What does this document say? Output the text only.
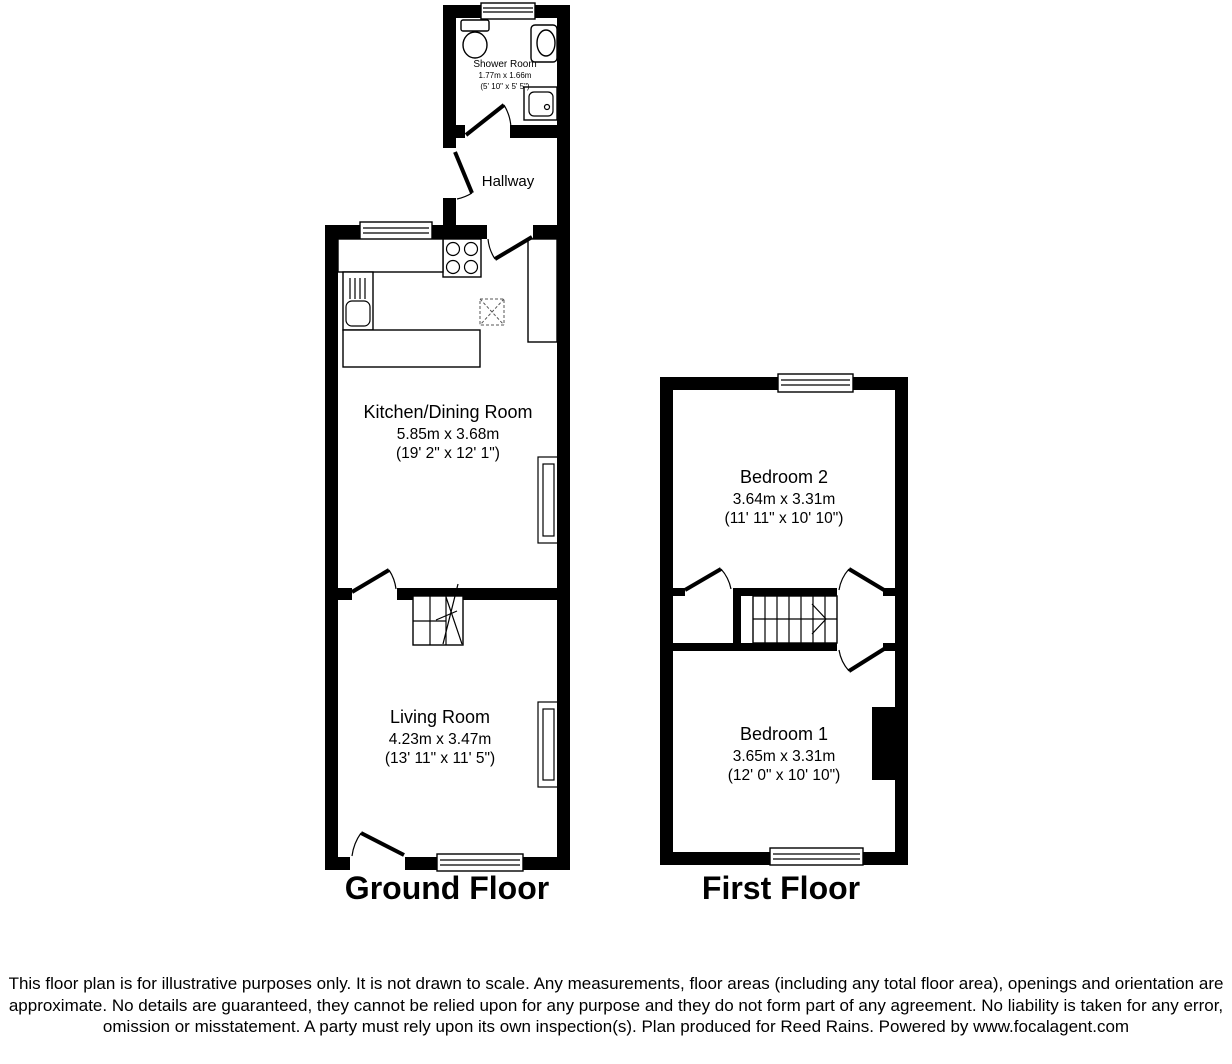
Shower Room
1.77m x 1.66m
(5' 10" x 5' 5")
Hallway
Kitchen/Dining Room
5.85m x 3.68m
(19' 2" x 12' 1")
Living Room
4.23m x 3.47m
(13' 11" x 11' 5")
Ground Floor
Bedroom 2
3.64m x 3.31m
(11' 11" x 10' 10")
Bedroom 1
3.65m x 3.31m
(12' 0" x 10' 10")
First Floor
This floor plan is for illustrative purposes only. It is not drawn to scale. Any measurements, floor areas (including any total floor area), openings and orientation are approximate. No details are guaranteed, they cannot be relied upon for any purpose and they do not form part of any agreement. No liability is taken for any error, omission or misstatement. A party must rely upon its own inspection(s). Plan produced for Reed Rains. Powered by www.focalagent.com
